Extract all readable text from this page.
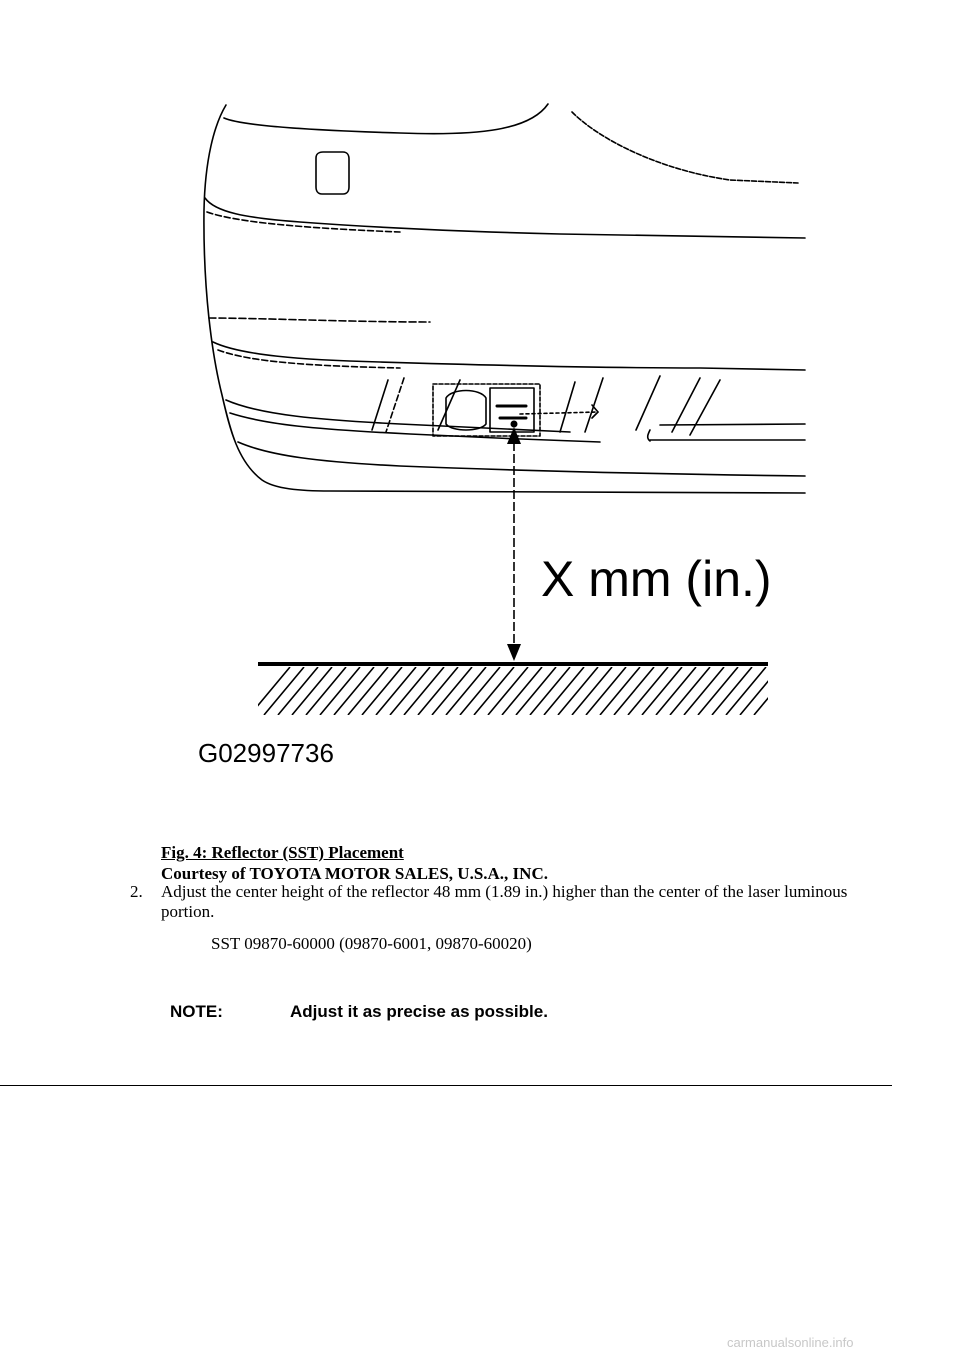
X mm (in.)
G02997736
Fig. 4: Reflector (SST) Placement
Courtesy of TOYOTA MOTOR SALES, U.S.A., INC.
2.	Adjust the center height of the reflector 48 mm (1.89 in.) higher than the center of the laser luminous portion.
SST 09870-60000 (09870-6001, 09870-60020)
NOTE:	Adjust it as precise as possible.
carmanualsonline.info
